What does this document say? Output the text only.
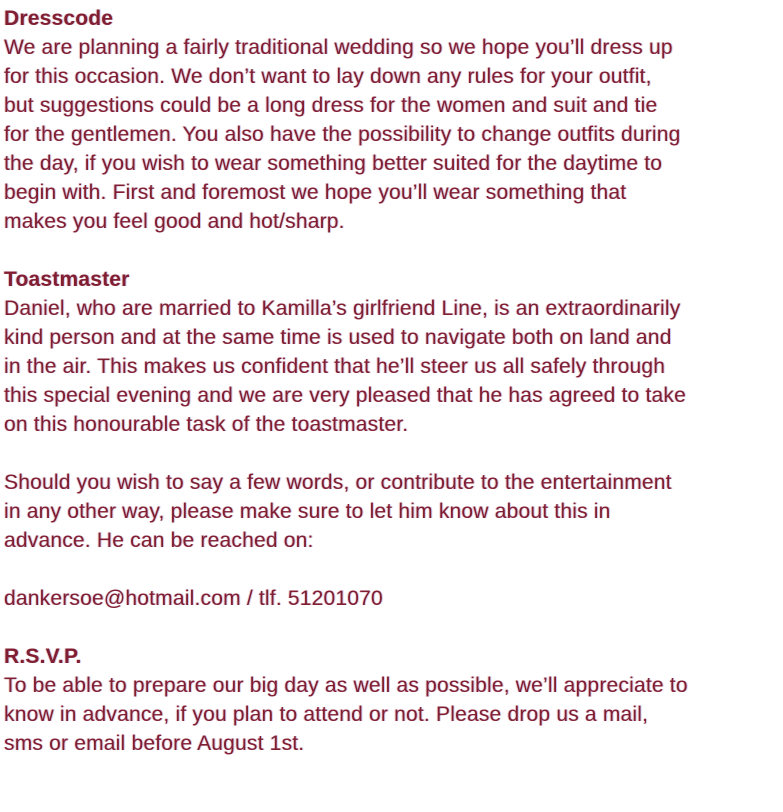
Dresscode
We are planning a fairly traditional wedding so we hope you’ll dress up
for this occasion. We don’t want to lay down any rules for your outfit,
but suggestions could be a long dress for the women and suit and tie
for the gentlemen. You also have the possibility to change outfits during
the day, if you wish to wear something better suited for the daytime to
begin with. First and foremost we hope you’ll wear something that
makes you feel good and hot/sharp.
Toastmaster
Daniel, who are married to Kamilla’s girlfriend Line, is an extraordinarily
kind person and at the same time is used to navigate both on land and
in the air. This makes us confident that he’ll steer us all safely through
this special evening and we are very pleased that he has agreed to take
on this honourable task of the toastmaster.
Should you wish to say a few words, or contribute to the entertainment
in any other way, please make sure to let him know about this in
advance. He can be reached on:
dankersoe@hotmail.com / tlf. 51201070
R.S.V.P.
To be able to prepare our big day as well as possible, we’ll appreciate to
know in advance, if you plan to attend or not. Please drop us a mail,
sms or email before August 1st.
